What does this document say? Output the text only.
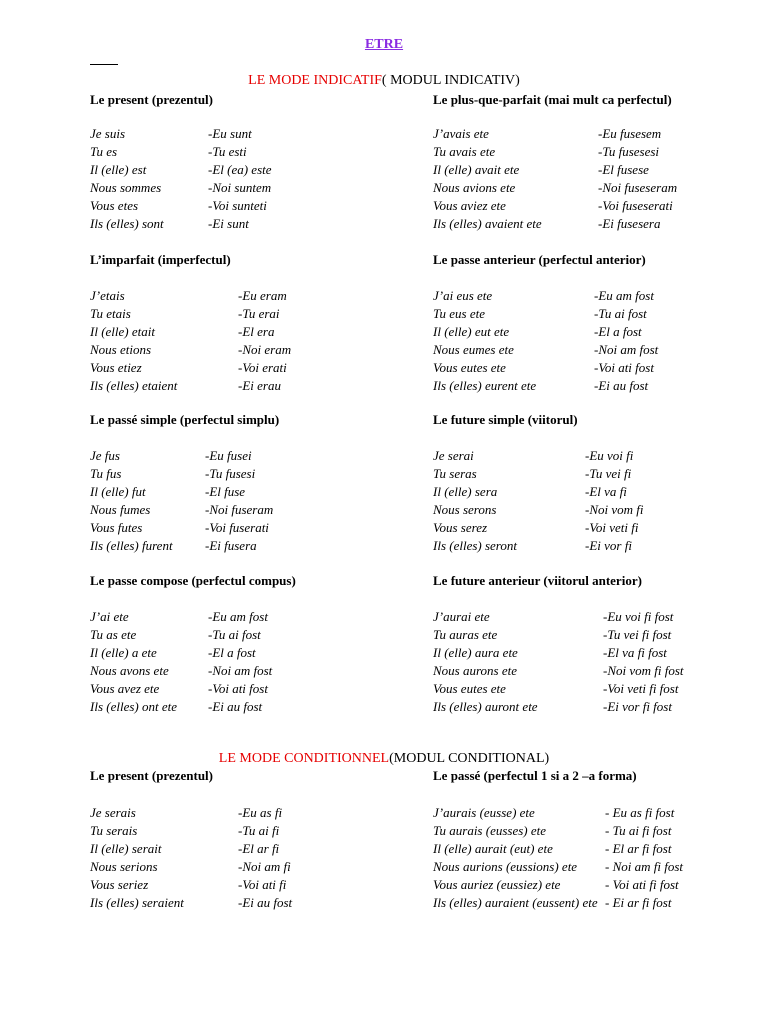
ETRE
LE MODE INDICATIF( MODUL INDICATIV)
LE MODE CONDITIONNEL(MODUL CONDITIONAL)
Le present (prezentul)
Je suis	-Eu sunt
Tu es	-Tu esti
Il (elle) est	-El (ea) este
Nous sommes	-Noi suntem
Vous etes	-Voi sunteti
Ils (elles) sont	-Ei sunt
Le plus-que-parfait (mai mult ca perfectul)
J’avais ete	-Eu fusesem
Tu avais ete	-Tu fusesesi
Il (elle) avait ete	-El fusese
Nous avions ete	-Noi fuseseram
Vous aviez ete	-Voi fuseserati
Ils (elles) avaient ete	-Ei fusesera
L’imparfait (imperfectul)
J’etais	-Eu eram
Tu etais	-Tu erai
Il (elle) etait	-El era
Nous etions	-Noi eram
Vous etiez	-Voi erati
Ils (elles) etaient	-Ei erau
Le passe anterieur (perfectul anterior)
J’ai eus ete	-Eu am fost
Tu eus ete	-Tu ai fost
Il (elle) eut ete	-El a fost
Nous eumes ete	-Noi am fost
Vous eutes ete	-Voi ati fost
Ils (elles) eurent ete	-Ei au fost
Le passé simple (perfectul simplu)
Je fus	-Eu fusei
Tu fus	-Tu fusesi
Il (elle) fut	-El fuse
Nous fumes	-Noi fuseram
Vous futes	-Voi fuserati
Ils (elles) furent -Ei fusera
Le future simple (viitorul)
Je serai	-Eu voi fi
Tu seras	-Tu vei fi
Il (elle) sera	-El va fi
Nous serons	-Noi vom fi
Vous serez	-Voi veti fi
Ils (elles) seront	-Ei vor fi
Le passe compose (perfectul compus)
J’ai ete	-Eu am fost
Tu as ete	-Tu ai fost
Il (elle) a ete	-El a fost
Nous avons ete	-Noi am fost
Vous avez ete	-Voi ati fost
Ils (elles) ont ete -Ei au fost
Le future anterieur (viitorul anterior)
J’aurai ete	-Eu voi fi fost
Tu auras ete	-Tu vei fi fost
Il (elle) aura ete	-El va fi fost
Nous aurons ete	-Noi vom fi fost
Vous eutes ete	-Voi veti fi fost
Ils (elles) auront ete	-Ei vor fi fost
Le present (prezentul)
Je serais	-Eu as fi
Tu serais	-Tu ai fi
Il (elle) serait	-El ar fi
Nous serions	-Noi am fi
Vous seriez	-Voi ati fi
Ils (elles) seraient	-Ei au fost
Le passé (perfectul 1 si a 2 –a forma)
J’aurais (eusse) ete	- Eu as fi fost
Tu aurais (eusses) ete	- Tu ai fi fost
Il (elle) aurait (eut) ete	- El ar fi fost
Nous aurions (eussions) ete - Noi am fi fost
Vous auriez (eussiez) ete	- Voi ati fi fost
Ils (elles) auraient (eussent) ete - Ei ar fi fost
